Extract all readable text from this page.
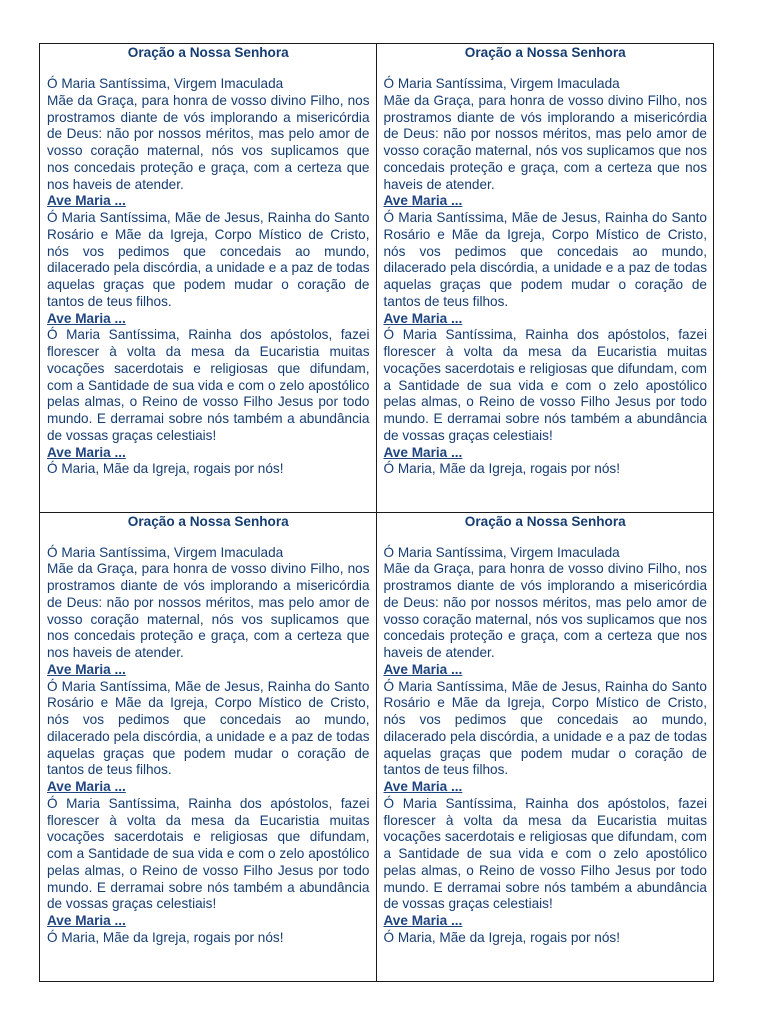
Oração a Nossa Senhora

Ó Maria Santíssima, Virgem Imaculada

Mãe da Graça, para honra de vosso divino Filho, nos prostramos diante de vós implorando a misericórdia de Deus: não por nossos méritos, mas pelo amor de vosso coração maternal, nós vos suplicamos que nos concedais proteção e graça, com a certeza que nos haveis de atender.

Ave Maria ...

Ó Maria Santíssima, Mãe de Jesus, Rainha do Santo Rosário e Mãe da Igreja, Corpo Místico de Cristo, nós vos pedimos que concedais ao mundo, dilacerado pela discórdia, a unidade e a paz de todas aquelas graças que podem mudar o coração de tantos de teus filhos.

Ave Maria ...

Ó Maria Santíssima, Rainha dos apóstolos, fazei florescer à volta da mesa da Eucaristia muitas vocações sacerdotais e religiosas que difundam, com a Santidade de sua vida e com o zelo apostólico pelas almas, o Reino de vosso Filho Jesus por todo mundo. E derramai sobre nós também a abundância de vossas graças celestiais!

Ave Maria ...

Ó Maria, Mãe da Igreja, rogais por nós!

Oração a Nossa Senhora

Ó Maria Santíssima, Virgem Imaculada

Mãe da Graça, para honra de vosso divino Filho, nos prostramos diante de vós implorando a misericórdia de Deus: não por nossos méritos, mas pelo amor de vosso coração maternal, nós vos suplicamos que nos concedais proteção e graça, com a certeza que nos haveis de atender.

Ave Maria ...

Ó Maria Santíssima, Mãe de Jesus, Rainha do Santo Rosário e Mãe da Igreja, Corpo Místico de Cristo, nós vos pedimos que concedais ao mundo, dilacerado pela discórdia, a unidade e a paz de todas aquelas graças que podem mudar o coração de tantos de teus filhos.

Ave Maria ...

Ó Maria Santíssima, Rainha dos apóstolos, fazei florescer à volta da mesa da Eucaristia muitas vocações sacerdotais e religiosas que difundam, com a Santidade de sua vida e com o zelo apostólico pelas almas, o Reino de vosso Filho Jesus por todo mundo. E derramai sobre nós também a abundância de vossas graças celestiais!

Ave Maria ...

Ó Maria, Mãe da Igreja, rogais por nós!

Oração a Nossa Senhora

Ó Maria Santíssima, Virgem Imaculada

Mãe da Graça, para honra de vosso divino Filho, nos prostramos diante de vós implorando a misericórdia de Deus: não por nossos méritos, mas pelo amor de vosso coração maternal, nós vos suplicamos que nos concedais proteção e graça, com a certeza que nos haveis de atender.

Ave Maria ...

Ó Maria Santíssima, Mãe de Jesus, Rainha do Santo Rosário e Mãe da Igreja, Corpo Místico de Cristo, nós vos pedimos que concedais ao mundo, dilacerado pela discórdia, a unidade e a paz de todas aquelas graças que podem mudar o coração de tantos de teus filhos.

Ave Maria ...

Ó Maria Santíssima, Rainha dos apóstolos, fazei florescer à volta da mesa da Eucaristia muitas vocações sacerdotais e religiosas que difundam, com a Santidade de sua vida e com o zelo apostólico pelas almas, o Reino de vosso Filho Jesus por todo mundo. E derramai sobre nós também a abundância de vossas graças celestiais!

Ave Maria ...

Ó Maria, Mãe da Igreja, rogais por nós!

Oração a Nossa Senhora

Ó Maria Santíssima, Virgem Imaculada

Mãe da Graça, para honra de vosso divino Filho, nos prostramos diante de vós implorando a misericórdia de Deus: não por nossos méritos, mas pelo amor de vosso coração maternal, nós vos suplicamos que nos concedais proteção e graça, com a certeza que nos haveis de atender.

Ave Maria ...

Ó Maria Santíssima, Mãe de Jesus, Rainha do Santo Rosário e Mãe da Igreja, Corpo Místico de Cristo, nós vos pedimos que concedais ao mundo, dilacerado pela discórdia, a unidade e a paz de todas aquelas graças que podem mudar o coração de tantos de teus filhos.

Ave Maria ...

Ó Maria Santíssima, Rainha dos apóstolos, fazei florescer à volta da mesa da Eucaristia muitas vocações sacerdotais e religiosas que difundam, com a Santidade de sua vida e com o zelo apostólico pelas almas, o Reino de vosso Filho Jesus por todo mundo. E derramai sobre nós também a abundância de vossas graças celestiais!

Ave Maria ...

Ó Maria, Mãe da Igreja, rogais por nós!
